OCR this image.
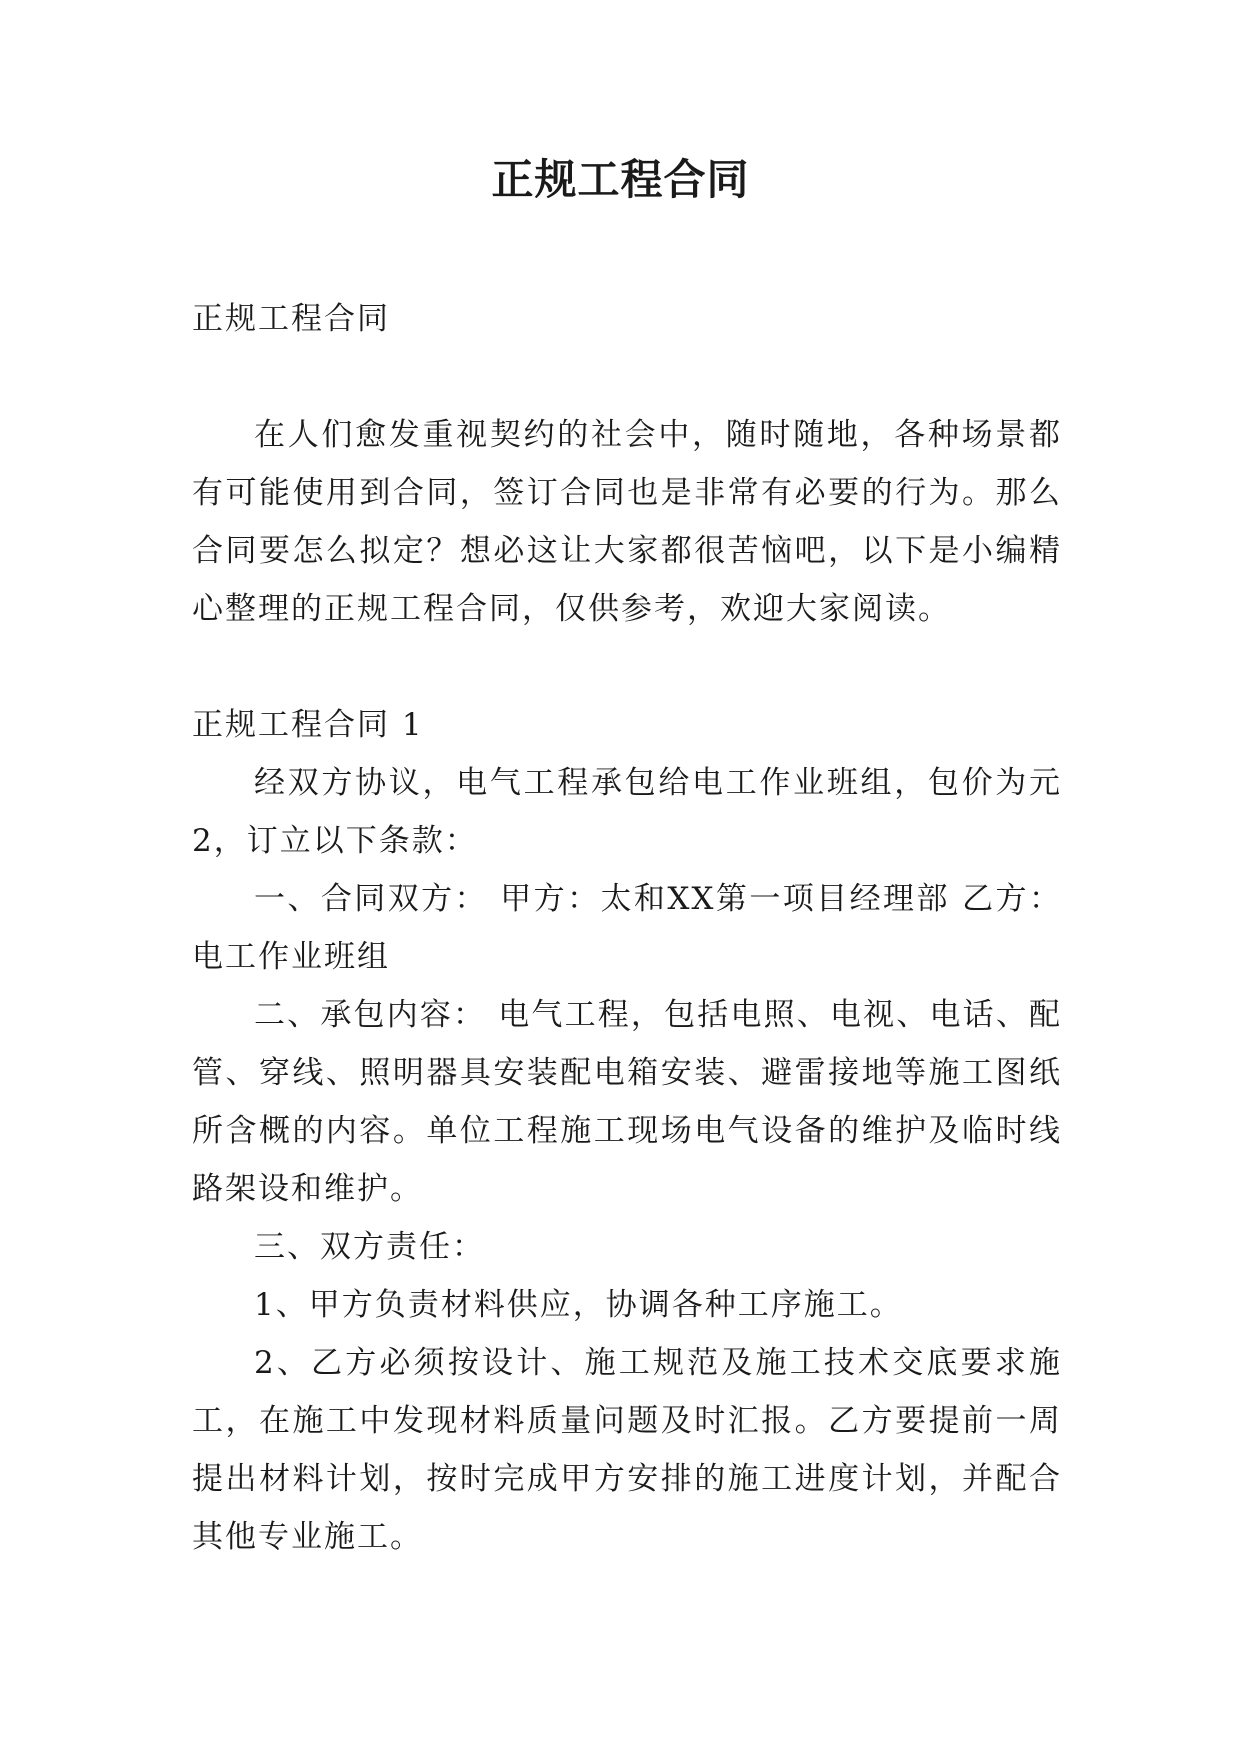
正规工程合同

正规工程合同

在人们愈发重视契约的社会中，随时随地，各种场景都有可能使用到合同，签订合同也是非常有必要的行为。那么合同要怎么拟定？想必这让大家都很苦恼吧，以下是小编精心整理的正规工程合同，仅供参考，欢迎大家阅读。

正规工程合同 1

经双方协议，电气工程承包给电工作业班组，包价为元2，订立以下条款：

一、合同双方： 甲方：太和XX第一项目经理部 乙方：电工作业班组

二、承包内容： 电气工程，包括电照、电视、电话、配管、穿线、照明器具安装配电箱安装、避雷接地等施工图纸所含概的内容。单位工程施工现场电气设备的维护及临时线路架设和维护。

三、双方责任：

1、甲方负责材料供应，协调各种工序施工。

2、乙方必须按设计、施工规范及施工技术交底要求施工，在施工中发现材料质量问题及时汇报。乙方要提前一周提出材料计划，按时完成甲方安排的施工进度计划，并配合其他专业施工。
